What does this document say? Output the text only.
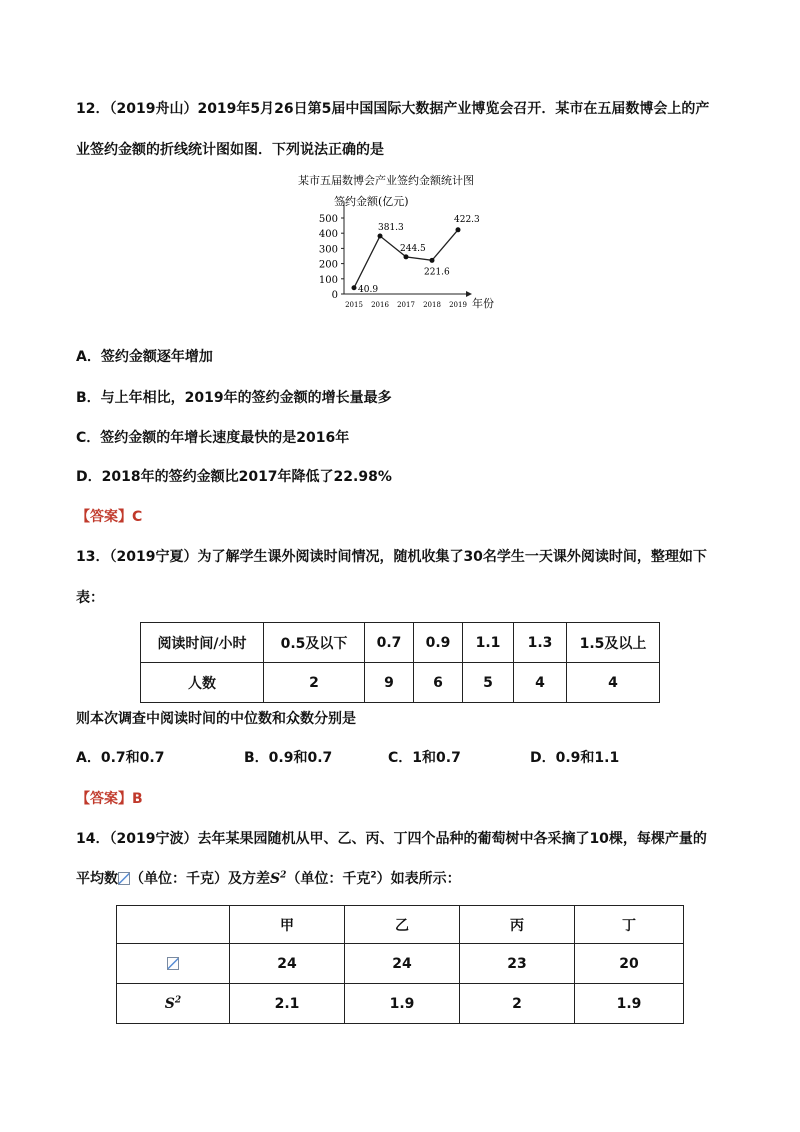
12．（2019舟山）2019年5月26日第5届中国国际大数据产业博览会召开．某市在五届数博会上的产
业签约金额的折线统计图如图．下列说法正确的是
某市五届数博会产业签约金额统计图
签约金额(亿元)
年份
0
100
200
300
400
500
2015 2016 2017 2018 2019
40.9
381.3
244.5
221.6
422.3
A．签约金额逐年增加
B．与上年相比，2019年的签约金额的增长量最多
C．签约金额的年增长速度最快的是2016年
D．2018年的签约金额比2017年降低了22.98%
【答案】C
13．（2019宁夏）为了解学生课外阅读时间情况，随机收集了30名学生一天课外阅读时间，整理如下
表：
阅读时间/小时	0.5及以下	0.7	0.9	1.1	1.3	1.5及以上
人数	2	9	6	5	4	4
则本次调查中阅读时间的中位数和众数分别是
A．0.7和0.7	B．0.9和0.7	C．1和0.7	D．0.9和1.1
【答案】B
14．（2019宁波）去年某果园随机从甲、乙、丙、丁四个品种的葡萄树中各采摘了10棵，每棵产量的
平均数 （单位：千克）及方差$S^2$（单位：千克$^2$）如表所示：
	甲	乙	丙	丁
	24	24	23	20
$S^2$	2.1	1.9	2	1.9
